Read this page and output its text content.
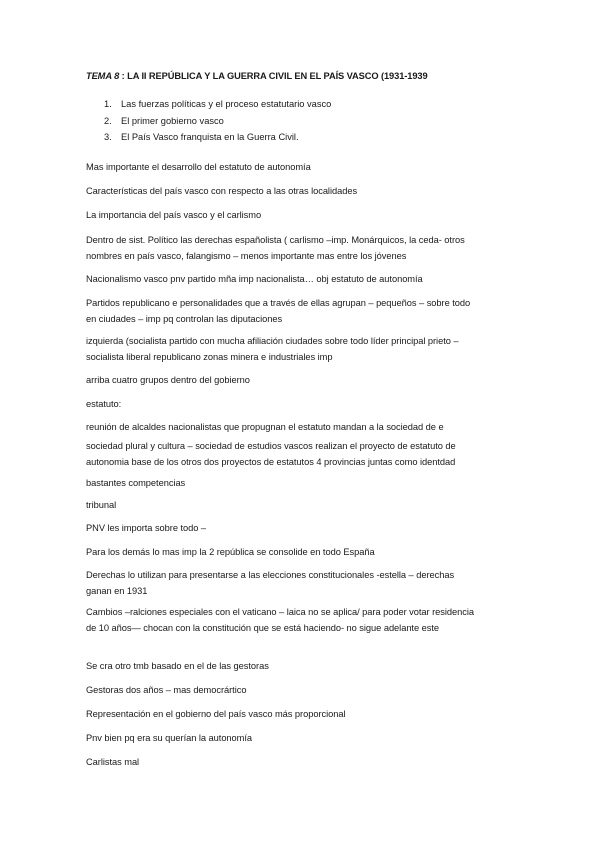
TEMA 8 : LA II REPÚBLICA Y LA GUERRA CIVIL EN EL PAÍS VASCO (1931-1939
1. Las fuerzas políticas y el proceso estatutario vasco
2. El primer gobierno vasco
3. El País Vasco franquista en la Guerra Civil.
Mas importante el desarrollo del estatuto de autonomía
Características del país vasco con respecto a las otras localidades
La importancia del país vasco y el carlismo
Dentro de sist. Político las derechas españolista ( carlismo –imp. Monárquicos, la ceda- otros
nombres en país vasco, falangismo – menos importante mas entre los jóvenes
Nacionalismo vasco pnv partido mña imp nacionalista… obj estatuto de autonomía
Partidos republicano e personalidades que a través de ellas agrupan – pequeños – sobre todo
en ciudades – imp pq controlan las diputaciones
izquierda (socialista partido con mucha afiliación ciudades sobre todo líder principal prieto –
socialista liberal republicano zonas minera e industriales imp
arriba cuatro grupos dentro del gobierno
estatuto:
reunión de alcaldes nacionalistas que propugnan el estatuto mandan a la sociedad de e
sociedad plural y cultura – sociedad de estudios vascos realizan el proyecto de estatuto de
autonomia base de los otros dos proyectos de estatutos 4 provincias juntas como identdad
bastantes competencias
tribunal
PNV les importa sobre todo –
Para los demás lo mas imp la 2 república se consolide en todo España
Derechas lo utilizan para presentarse a las elecciones constitucionales -estella – derechas
ganan en 1931
Cambios –ralciones especiales con el vaticano – laica no se aplica/ para poder votar residencia
de 10 años— chocan con la constitución que se está haciendo- no sigue adelante este
Se cra otro tmb basado en el de las gestoras
Gestoras dos años – mas democrártico
Representación en el gobierno del país vasco más proporcional
Pnv bien pq era su querían la autonomía
Carlistas mal
